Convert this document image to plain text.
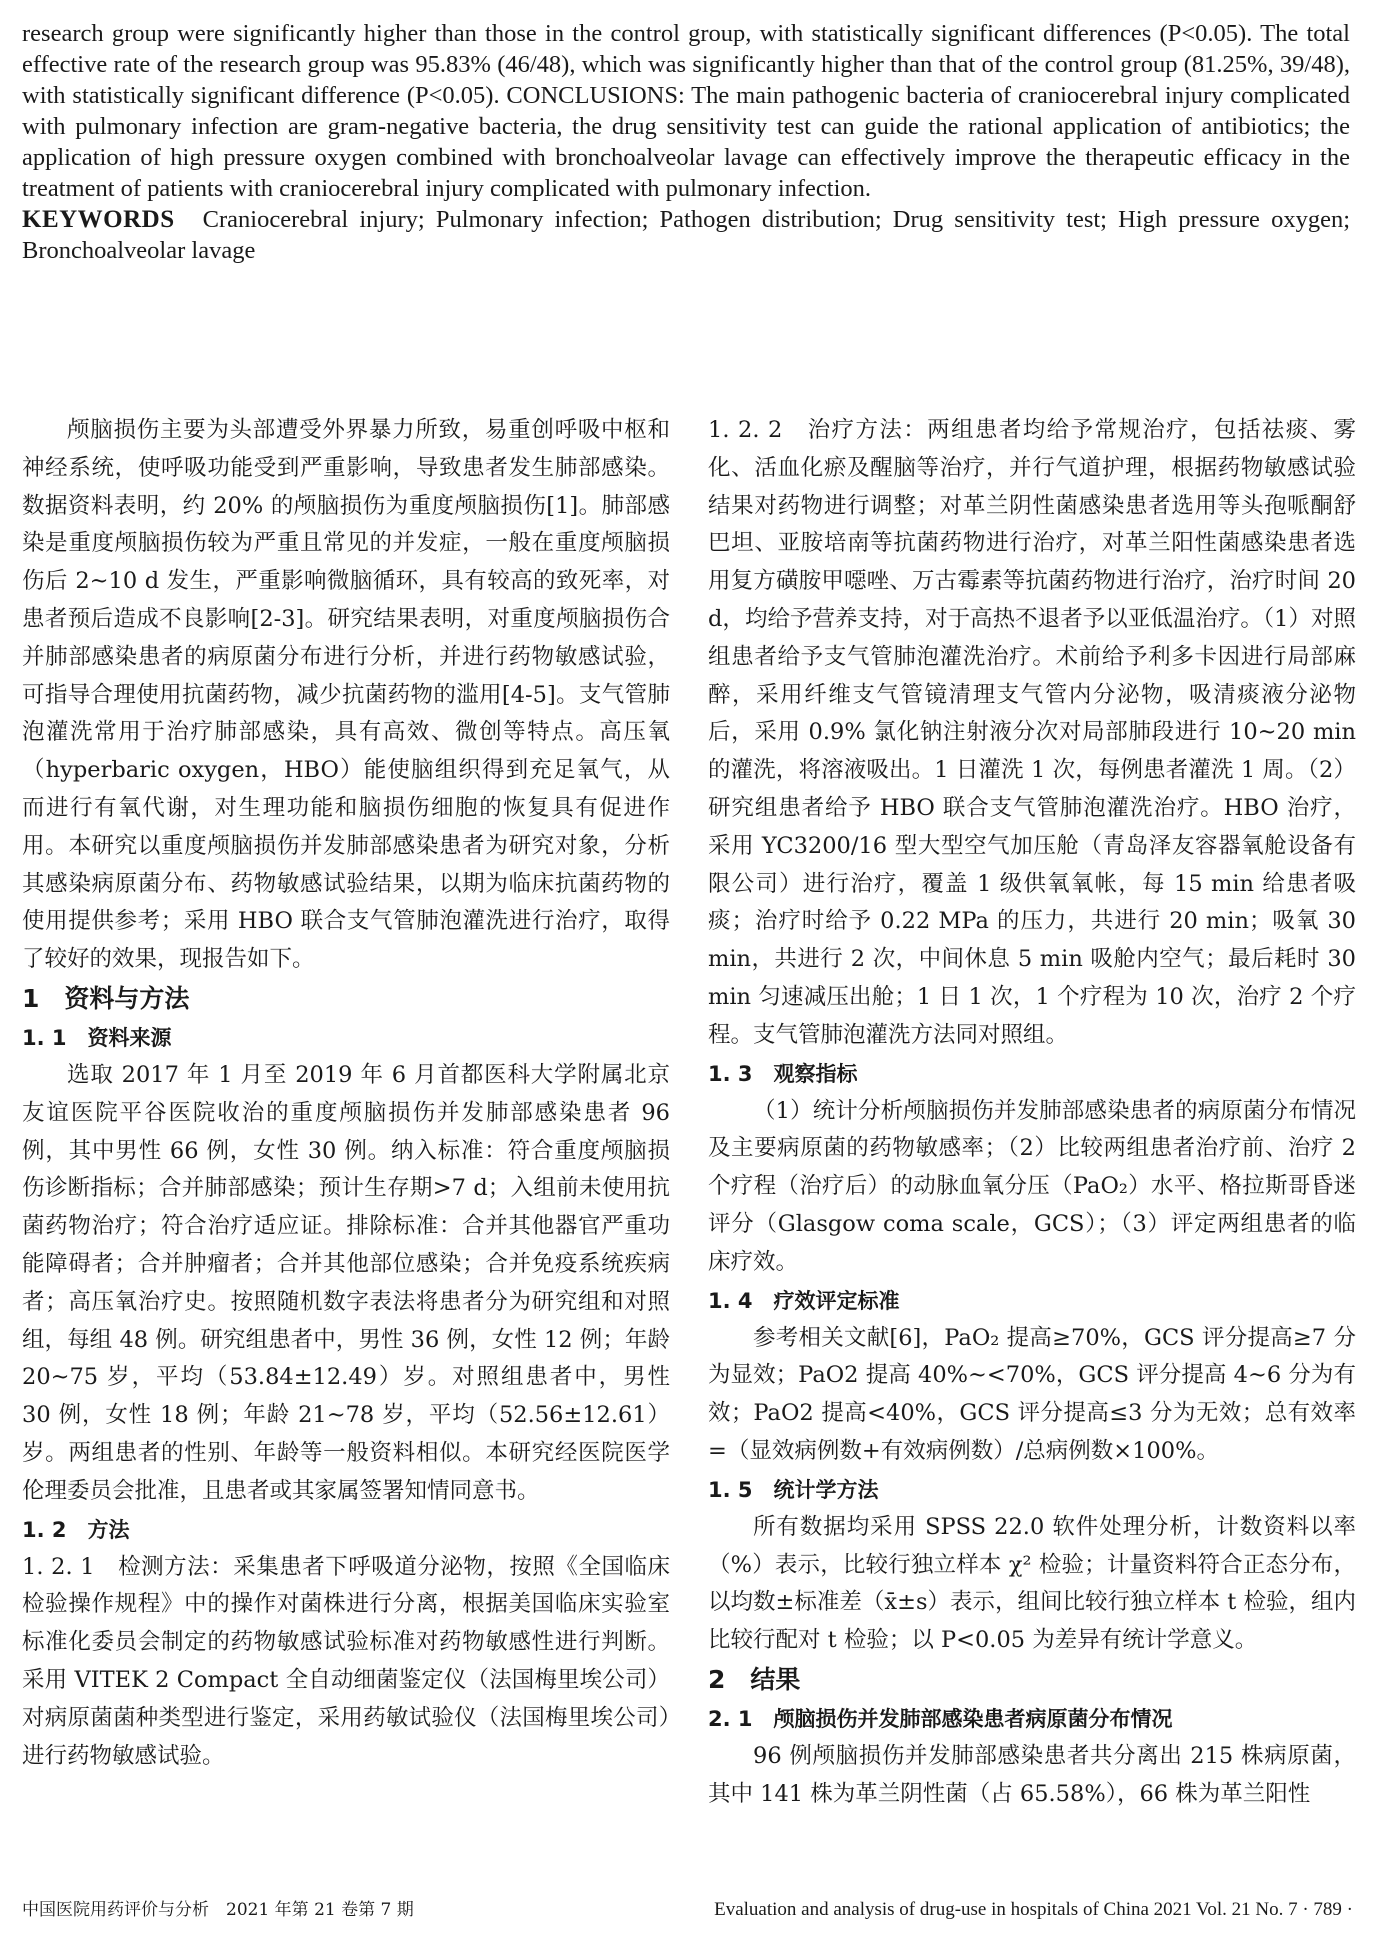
research group were significantly higher than those in the control group, with statistically significant differences (P<0.05). The total effective rate of the research group was 95.83% (46/48), which was significantly higher than that of the control group (81.25%, 39/48), with statistically significant difference (P<0.05). CONCLUSIONS: The main pathogenic bacteria of craniocerebral injury complicated with pulmonary infection are gram-negative bacteria, the drug sensitivity test can guide the rational application of antibiotics; the application of high pressure oxygen combined with bronchoalveolar lavage can effectively improve the therapeutic efficacy in the treatment of patients with craniocerebral injury complicated with pulmonary infection.

KEYWORDS Craniocerebral injury; Pulmonary infection; Pathogen distribution; Drug sensitivity test; High pressure oxygen; Bronchoalveolar lavage

颅脑损伤主要为头部遭受外界暴力所致，易重创呼吸中枢和神经系统，使呼吸功能受到严重影响，导致患者发生肺部感染。数据资料表明，约 20% 的颅脑损伤为重度颅脑损伤[1]。肺部感染是重度颅脑损伤较为严重且常见的并发症，一般在重度颅脑损伤后 2~10 d 发生，严重影响微脑循环，具有较高的致死率，对患者预后造成不良影响[2-3]。研究结果表明，对重度颅脑损伤合并肺部感染患者的病原菌分布进行分析，并进行药物敏感试验，可指导合理使用抗菌药物，减少抗菌药物的滥用[4-5]。支气管肺泡灌洗常用于治疗肺部感染，具有高效、微创等特点。高压氧（hyperbaric oxygen，HBO）能使脑组织得到充足氧气，从而进行有氧代谢，对生理功能和脑损伤细胞的恢复具有促进作用。本研究以重度颅脑损伤并发肺部感染患者为研究对象，分析其感染病原菌分布、药物敏感试验结果，以期为临床抗菌药物的使用提供参考；采用 HBO 联合支气管肺泡灌洗进行治疗，取得了较好的效果，现报告如下。

1　资料与方法
1. 1　资料来源

选取 2017 年 1 月至 2019 年 6 月首都医科大学附属北京友谊医院平谷医院收治的重度颅脑损伤并发肺部感染患者 96 例，其中男性 66 例，女性 30 例。纳入标准：符合重度颅脑损伤诊断指标；合并肺部感染；预计生存期>7 d；入组前未使用抗菌药物治疗；符合治疗适应证。排除标准：合并其他器官严重功能障碍者；合并肿瘤者；合并其他部位感染；合并免疫系统疾病者；高压氧治疗史。按照随机数字表法将患者分为研究组和对照组，每组 48 例。研究组患者中，男性 36 例，女性 12 例；年龄 20~75 岁，平均（53.84±12.49）岁。对照组患者中，男性 30 例，女性 18 例；年龄 21~78 岁，平均（52.56±12.61）岁。两组患者的性别、年龄等一般资料相似。本研究经医院医学伦理委员会批准，且患者或其家属签署知情同意书。

1. 2　方法

1. 2. 1　检测方法：采集患者下呼吸道分泌物，按照《全国临床检验操作规程》中的操作对菌株进行分离，根据美国临床实验室标准化委员会制定的药物敏感试验标准对药物敏感性进行判断。采用 VITEK 2 Compact 全自动细菌鉴定仪（法国梅里埃公司）对病原菌菌种类型进行鉴定，采用药敏试验仪（法国梅里埃公司）进行药物敏感试验。

1. 2. 2　治疗方法：两组患者均给予常规治疗，包括祛痰、雾化、活血化瘀及醒脑等治疗，并行气道护理，根据药物敏感试验结果对药物进行调整；对革兰阴性菌感染患者选用等头孢哌酮舒巴坦、亚胺培南等抗菌药物进行治疗，对革兰阳性菌感染患者选用复方磺胺甲噁唑、万古霉素等抗菌药物进行治疗，治疗时间 20 d，均给予营养支持，对于高热不退者予以亚低温治疗。（1）对照组患者给予支气管肺泡灌洗治疗。术前给予利多卡因进行局部麻醉，采用纤维支气管镜清理支气管内分泌物，吸清痰液分泌物后，采用 0.9% 氯化钠注射液分次对局部肺段进行 10~20 min 的灌洗，将溶液吸出。1 日灌洗 1 次，每例患者灌洗 1 周。（2）研究组患者给予 HBO 联合支气管肺泡灌洗治疗。HBO 治疗，采用 YC3200/16 型大型空气加压舱（青岛泽友容器氧舱设备有限公司）进行治疗，覆盖 1 级供氧氧帐，每 15 min 给患者吸痰；治疗时给予 0.22 MPa 的压力，共进行 20 min；吸氧 30 min，共进行 2 次，中间休息 5 min 吸舱内空气；最后耗时 30 min 匀速减压出舱；1 日 1 次，1 个疗程为 10 次，治疗 2 个疗程。支气管肺泡灌洗方法同对照组。

1. 3　观察指标

（1）统计分析颅脑损伤并发肺部感染患者的病原菌分布情况及主要病原菌的药物敏感率；（2）比较两组患者治疗前、治疗 2 个疗程（治疗后）的动脉血氧分压（PaO₂）水平、格拉斯哥昏迷评分（Glasgow coma scale，GCS）；（3）评定两组患者的临床疗效。

1. 4　疗效评定标准

参考相关文献[6]，PaO₂ 提高≥70%，GCS 评分提高≥7 分为显效；PaO2 提高 40%~<70%，GCS 评分提高 4~6 分为有效；PaO2 提高<40%，GCS 评分提高≤3 分为无效；总有效率=（显效病例数+有效病例数）/总病例数×100%。

1. 5　统计学方法

所有数据均采用 SPSS 22.0 软件处理分析，计数资料以率（%）表示，比较行独立样本 χ² 检验；计量资料符合正态分布，以均数±标准差（x̄±s）表示，组间比较行独立样本 t 检验，组内比较行配对 t 检验；以 P<0.05 为差异有统计学意义。

2　结果
2. 1　颅脑损伤并发肺部感染患者病原菌分布情况

96 例颅脑损伤并发肺部感染患者共分离出 215 株病原菌，其中 141 株为革兰阴性菌（占 65.58%），66 株为革兰阳性

中国医院用药评价与分析　2021 年第 21 卷第 7 期	Evaluation and analysis of drug-use in hospitals of China 2021 Vol. 21 No. 7 · 789 ·
